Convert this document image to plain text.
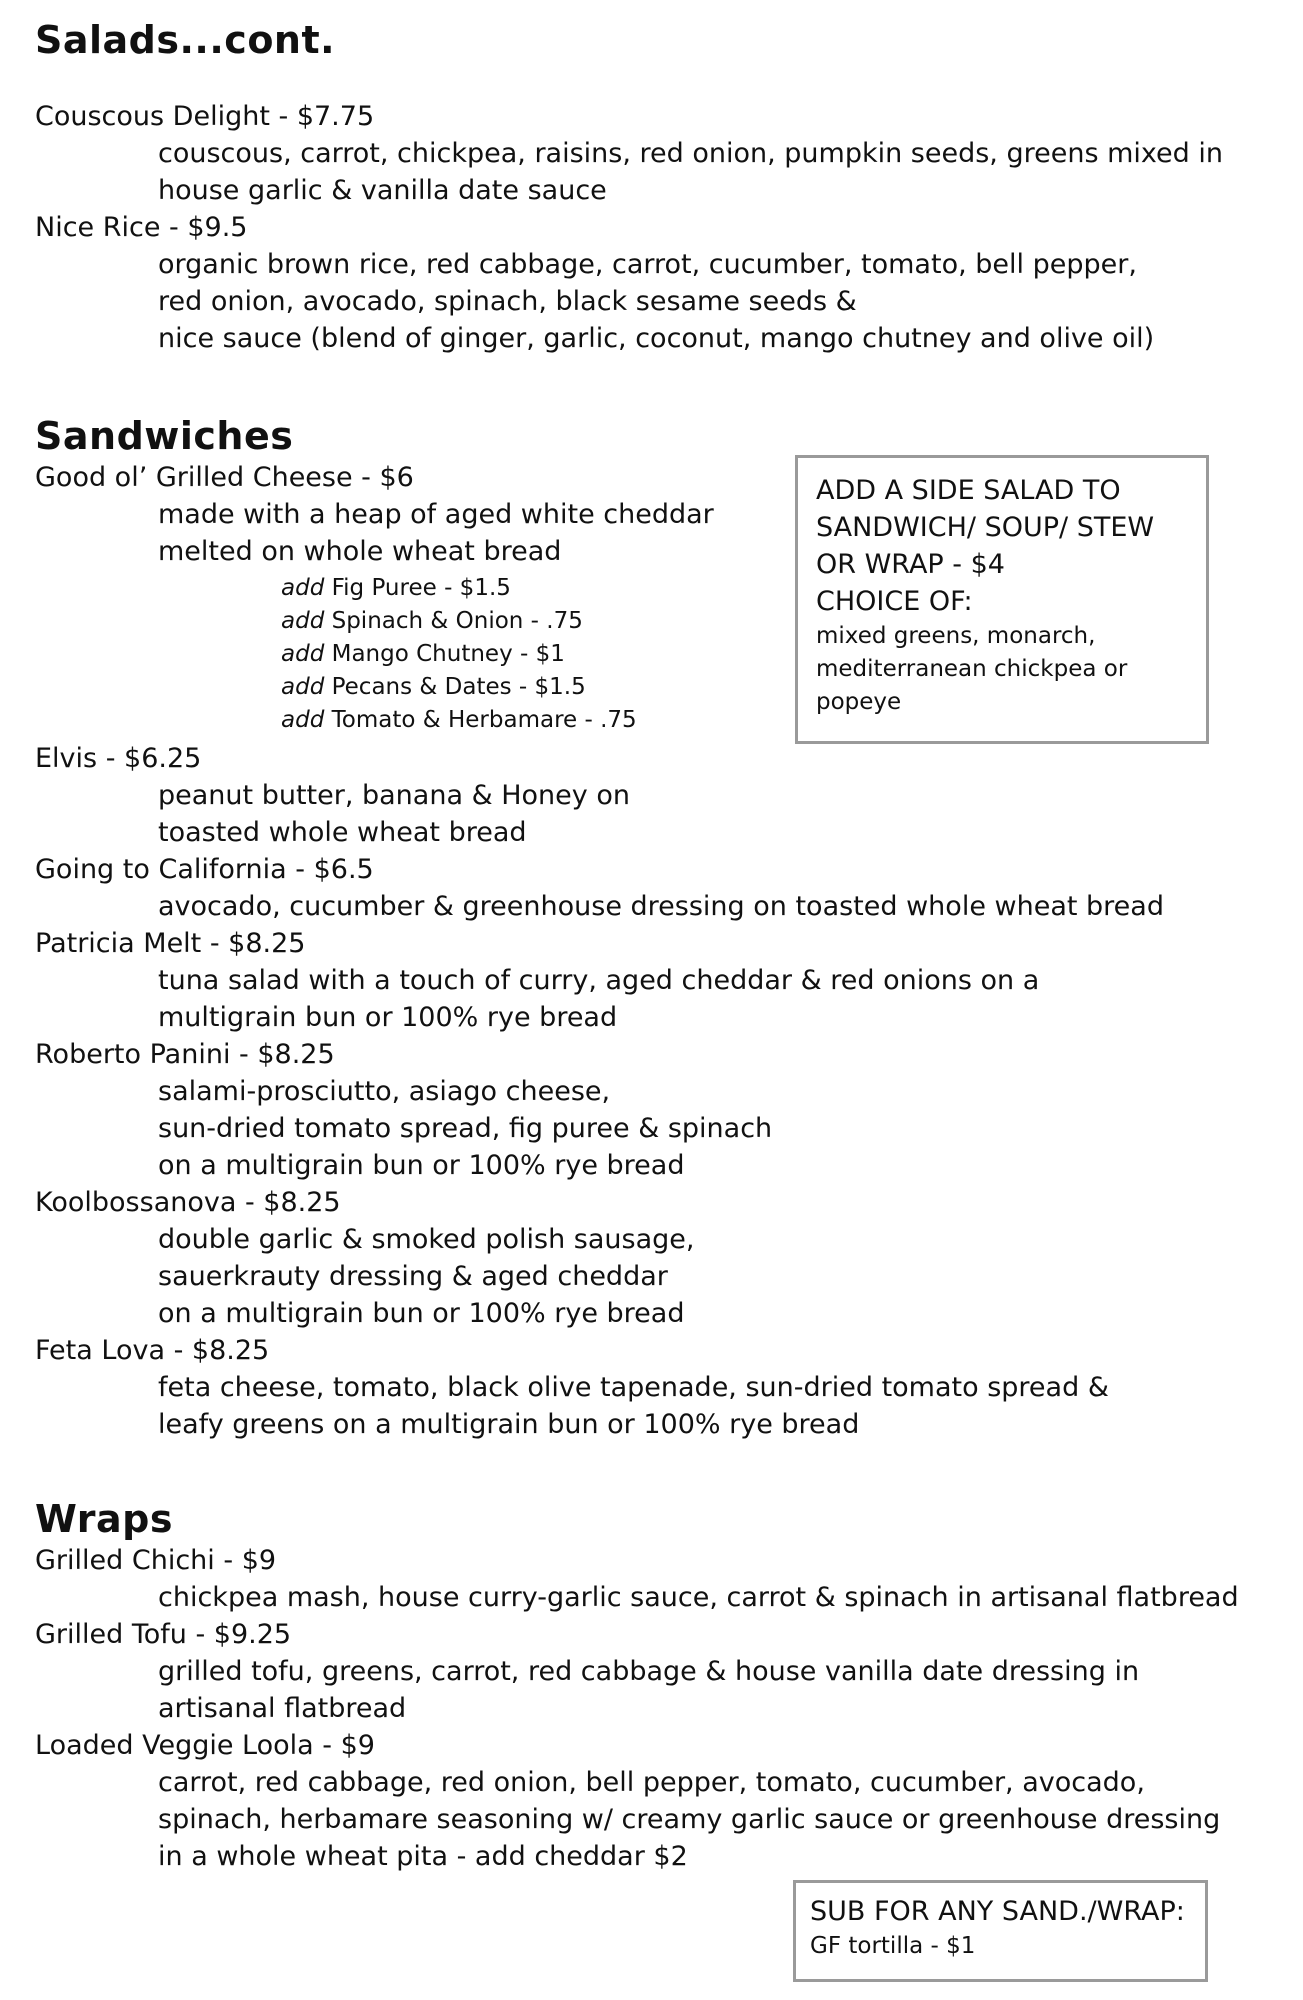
Salads...cont.
Couscous Delight - $7.75
couscous, carrot, chickpea, raisins, red onion, pumpkin seeds, greens mixed in
house garlic & vanilla date sauce
Nice Rice - $9.5
organic brown rice, red cabbage, carrot, cucumber, tomato, bell pepper,
red onion, avocado, spinach, black sesame seeds &
nice sauce (blend of ginger, garlic, coconut, mango chutney and olive oil)
Sandwiches
Good ol’ Grilled Cheese - $6
made with a heap of aged white cheddar
melted on whole wheat bread
add Fig Puree - $1.5
add Spinach & Onion - .75
add Mango Chutney - $1
add Pecans & Dates - $1.5
add Tomato & Herbamare - .75
Elvis - $6.25
peanut butter, banana & Honey on
toasted whole wheat bread
Going to California - $6.5
avocado, cucumber & greenhouse dressing on toasted whole wheat bread
Patricia Melt - $8.25
tuna salad with a touch of curry, aged cheddar & red onions on a
multigrain bun or 100% rye bread
Roberto Panini - $8.25
salami-prosciutto, asiago cheese,
sun-dried tomato spread, fig puree & spinach
on a multigrain bun or 100% rye bread
Koolbossanova - $8.25
double garlic & smoked polish sausage,
sauerkrauty dressing & aged cheddar
on a multigrain bun or 100% rye bread
Feta Lova - $8.25
feta cheese, tomato, black olive tapenade, sun-dried tomato spread &
leafy greens on a multigrain bun or 100% rye bread
ADD A SIDE SALAD TO
SANDWICH/ SOUP/ STEW
OR WRAP - $4
CHOICE OF:
mixed greens, monarch,
mediterranean chickpea or
popeye
Wraps
Grilled Chichi - $9
chickpea mash, house curry-garlic sauce, carrot & spinach in artisanal flatbread
Grilled Tofu - $9.25
grilled tofu, greens, carrot, red cabbage & house vanilla date dressing in
artisanal flatbread
Loaded Veggie Loola - $9
carrot, red cabbage, red onion, bell pepper, tomato, cucumber, avocado,
spinach, herbamare seasoning w/ creamy garlic sauce or greenhouse dressing
in a whole wheat pita - add cheddar $2
SUB FOR ANY SAND./WRAP:
GF tortilla - $1
